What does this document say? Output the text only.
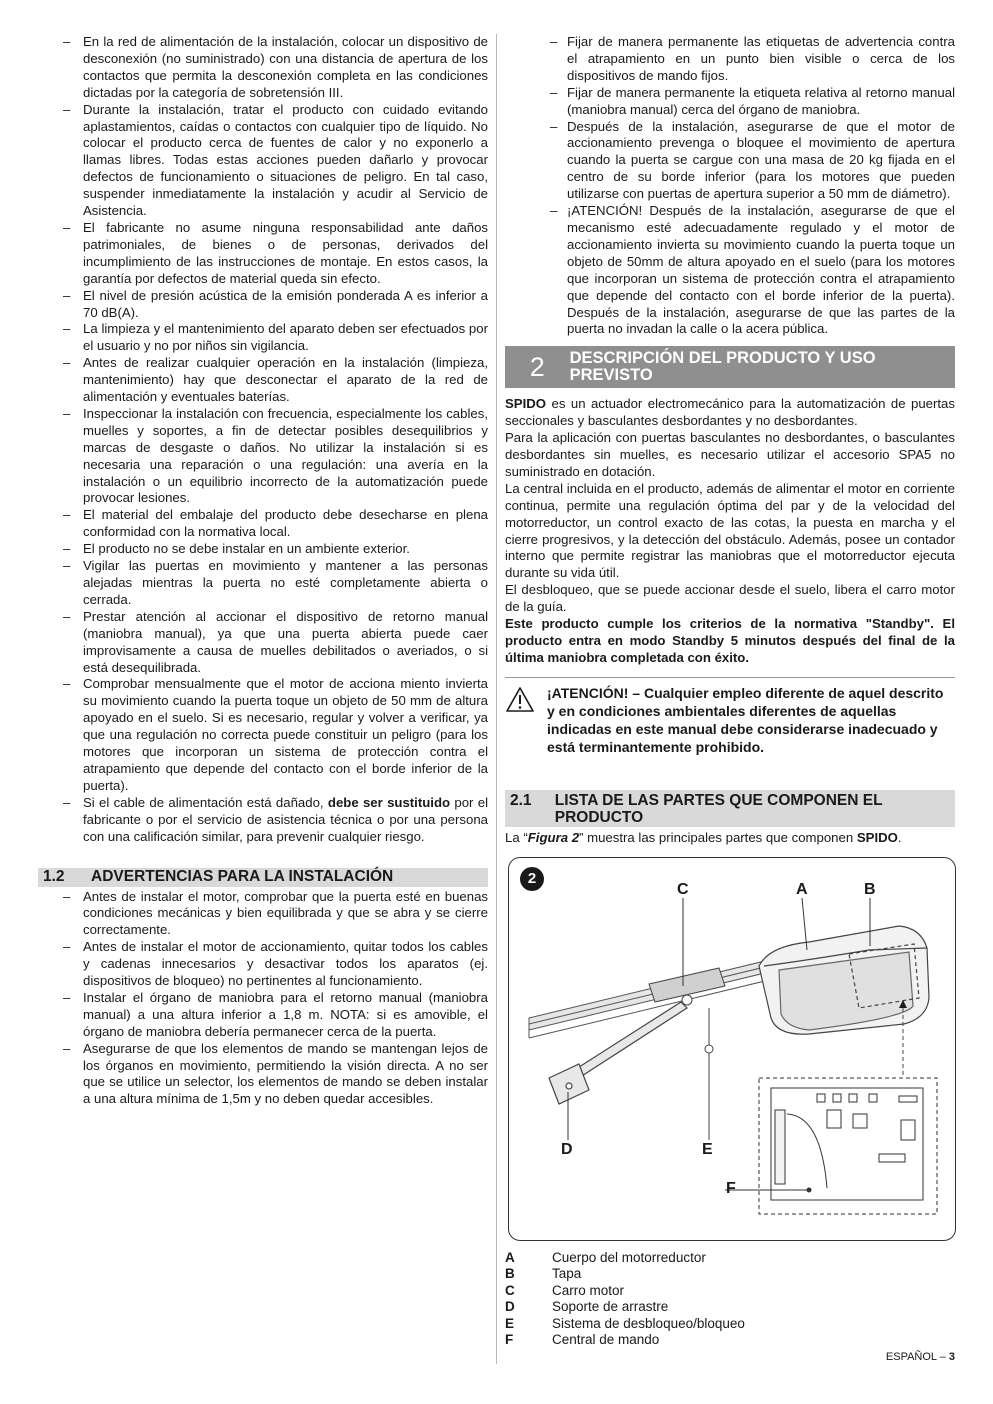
– En la red de alimentación de la instalación, colocar un dispositivo de desconexión (no suministrado) con una distancia de apertura de los contactos que permita la desconexión completa en las condiciones dictadas por la categoría de sobretensión III.
– Durante la instalación, tratar el producto con cuidado evitando aplastamientos, caídas o contactos con cualquier tipo de líquido. No colocar el producto cerca de fuentes de calor y no exponerlo a llamas libres. Todas estas acciones pueden dañarlo y provocar defectos de funcionamiento o situaciones de peligro. En tal caso, suspender inmediatamente la instalación y acudir al Servicio de Asistencia.
– El fabricante no asume ninguna responsabilidad ante daños patrimoniales, de bienes o de personas, derivados del incumplimiento de las instrucciones de montaje. En estos casos, la garantía por defectos de material queda sin efecto.
– El nivel de presión acústica de la emisión ponderada A es inferior a 70 dB(A).
– La limpieza y el mantenimiento del aparato deben ser efectuados por el usuario y no por niños sin vigilancia.
– Antes de realizar cualquier operación en la instalación (limpieza, mantenimiento) hay que desconectar el aparato de la red de alimentación y eventuales baterías.
– Inspeccionar la instalación con frecuencia, especialmente los cables, muelles y soportes, a fin de detectar posibles desequilibrios y marcas de desgaste o daños. No utilizar la instalación si es necesaria una reparación o una regulación: una avería en la instalación o un equilibrio incorrecto de la automatización puede provocar lesiones.
– El material del embalaje del producto debe desecharse en plena conformidad con la normativa local.
– El producto no se debe instalar en un ambiente exterior.
– Vigilar las puertas en movimiento y mantener a las personas alejadas mientras la puerta no esté completamente abierta o cerrada.
– Prestar atención al accionar el dispositivo de retorno manual (maniobra manual), ya que una puerta abierta puede caer improvisamente a causa de muelles debilitados o averiados, o si está desequilibrada.
– Comprobar mensualmente que el motor de acciona miento invierta su movimiento cuando la puerta toque un objeto de 50 mm de altura apoyado en el suelo. Si es necesario, regular y volver a verificar, ya que una regulación no correcta puede constituir un peligro (para los motores que incorporan un sistema de protección contra el atrapamiento que depende del contacto con el borde inferior de la puerta).
– Si el cable de alimentación está dañado, debe ser sustituido por el fabricante o por el servicio de asistencia técnica o por una persona con una calificación similar, para prevenir cualquier riesgo.
1.2	ADVERTENCIAS PARA LA INSTALACIÓN
– Antes de instalar el motor, comprobar que la puerta esté en buenas condiciones mecánicas y bien equilibrada y que se abra y se cierre correctamente.
– Antes de instalar el motor de accionamiento, quitar todos los cables y cadenas innecesarios y desactivar todos los aparatos (ej. dispositivos de bloqueo) no pertinentes al funcionamiento.
– Instalar el órgano de maniobra para el retorno manual (maniobra manual) a una altura inferior a 1,8 m. NOTA: si es amovible, el órgano de maniobra debería permanecer cerca de la puerta.
– Asegurarse de que los elementos de mando se mantengan lejos de los órganos en movimiento, permitiendo la visión directa. A no ser que se utilice un selector, los elementos de mando se deben instalar a una altura mínima de 1,5m y no deben quedar accesibles.
– Fijar de manera permanente las etiquetas de advertencia contra el atrapamiento en un punto bien visible o cerca de los dispositivos de mando fijos.
– Fijar de manera permanente la etiqueta relativa al retorno manual (maniobra manual) cerca del órgano de maniobra.
– Después de la instalación, asegurarse de que el motor de accionamiento prevenga o bloquee el movimiento de apertura cuando la puerta se cargue con una masa de 20 kg fijada en el centro de su borde inferior (para los motores que pueden utilizarse con puertas de apertura superior a 50 mm de diámetro).
– ¡ATENCIÓN! Después de la instalación, asegurarse de que el mecanismo esté adecuadamente regulado y el motor de accionamiento invierta su movimiento cuando la puerta toque un objeto de 50mm de altura apoyado en el suelo (para los motores que incorporan un sistema de protección contra el atrapamiento que depende del contacto con el borde inferior de la puerta). Después de la instalación, asegurarse de que las partes de la puerta no invadan la calle o la acera pública.
2	DESCRIPCIÓN DEL PRODUCTO Y USO PREVISTO

SPIDO es un actuador electromecánico para la automatización de puertas seccionales y basculantes desbordantes y no desbordantes.

Para la aplicación con puertas basculantes no desbordantes, o basculantes desbordantes sin muelles, es necesario utilizar el accesorio SPA5 no suministrado en dotación.

La central incluida en el producto, además de alimentar el motor en corriente continua, permite una regulación óptima del par y de la velocidad del motorreductor, un control exacto de las cotas, la puesta en marcha y el cierre progresivos, y la detección del obstáculo. Además, posee un contador interno que permite registrar las maniobras que el motorreductor ejecuta durante su vida útil.

El desbloqueo, que se puede accionar desde el suelo, libera el carro motor de la guía.

Este producto cumple los criterios de la normativa "Standby". El producto entra en modo Standby 5 minutos después del final de la última maniobra completada con éxito.

¡ATENCIÓN! – Cualquier empleo diferente de aquel descrito y en condiciones ambientales diferentes de aquellas indicadas en este manual debe considerarse inadecuado y está terminantemente prohibido.
2.1	LISTA DE LAS PARTES QUE COMPONEN EL PRODUCTO

La “Figura 2” muestra las principales partes que componen SPIDO.

2
C	A	B
D	E
F
A	Cuerpo del motorreductor
B	Tapa
C	Carro motor
D	Soporte de arrastre
E	Sistema de desbloqueo/bloqueo
F	Central de mando
ESPAÑOL – 3
